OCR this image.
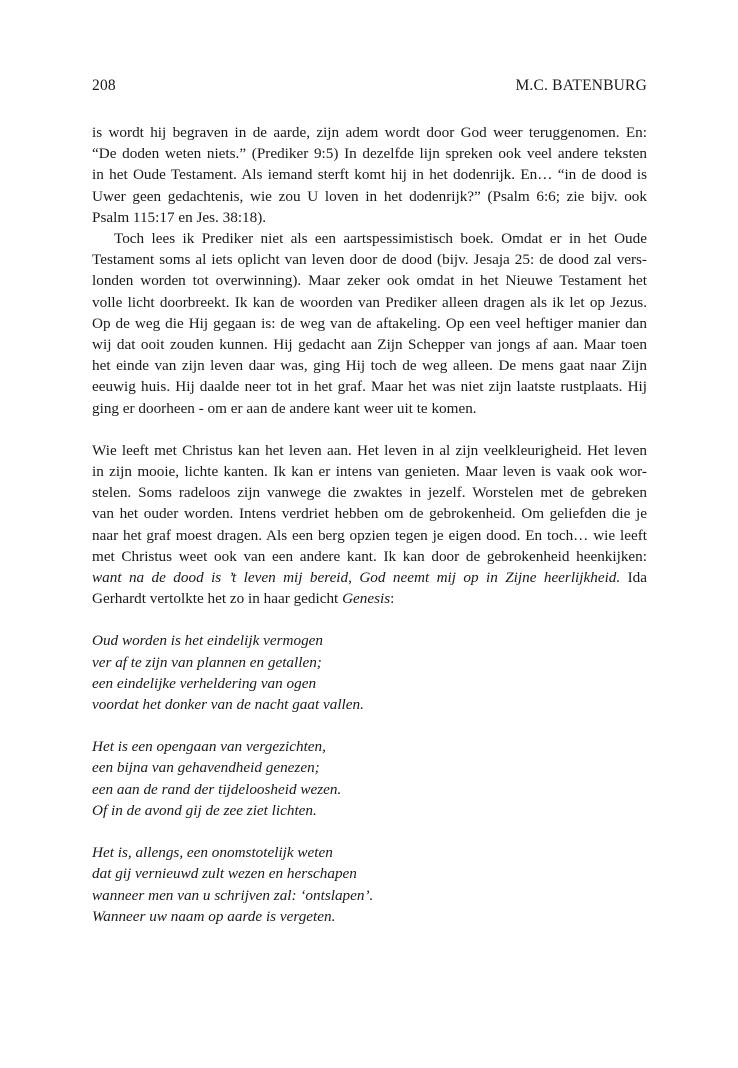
208	M.C. BATENBURG

is wordt hij begraven in de aarde, zijn adem wordt door God weer teruggenomen. En:
“De doden weten niets.” (Prediker 9:5) In dezelfde lijn spreken ook veel andere teksten
in het Oude Testament. Als iemand sterft komt hij in het dodenrijk. En… “in de dood is
Uwer geen gedachtenis, wie zou U loven in het dodenrijk?” (Psalm 6:6; zie bijv. ook
Psalm 115:17 en Jes. 38:18).

Toch lees ik Prediker niet als een aartspessimistisch boek. Omdat er in het Oude
Testament soms al iets oplicht van leven door de dood (bijv. Jesaja 25: de dood zal vers-
londen worden tot overwinning). Maar zeker ook omdat in het Nieuwe Testament het
volle licht doorbreekt. Ik kan de woorden van Prediker alleen dragen als ik let op Jezus.
Op de weg die Hij gegaan is: de weg van de aftakeling. Op een veel heftiger manier dan
wij dat ooit zouden kunnen. Hij gedacht aan Zijn Schepper van jongs af aan. Maar toen
het einde van zijn leven daar was, ging Hij toch de weg alleen. De mens gaat naar Zijn
eeuwig huis. Hij daalde neer tot in het graf. Maar het was niet zijn laatste rustplaats. Hij
ging er doorheen - om er aan de andere kant weer uit te komen.

Wie leeft met Christus kan het leven aan. Het leven in al zijn veelkleurigheid. Het leven
in zijn mooie, lichte kanten. Ik kan er intens van genieten. Maar leven is vaak ook wor-
stelen. Soms radeloos zijn vanwege die zwaktes in jezelf. Worstelen met de gebreken
van het ouder worden. Intens verdriet hebben om de gebrokenheid. Om geliefden die je
naar het graf moest dragen. Als een berg opzien tegen je eigen dood. En toch… wie leeft
met Christus weet ook van een andere kant. Ik kan door de gebrokenheid heenkijken:
want na de dood is ’t leven mij bereid, God neemt mij op in Zijne heerlijkheid. Ida
Gerhardt vertolkte het zo in haar gedicht Genesis:

Oud worden is het eindelijk vermogen
ver af te zijn van plannen en getallen;
een eindelijke verheldering van ogen
voordat het donker van de nacht gaat vallen.
Het is een opengaan van vergezichten,
een bijna van gehavendheid genezen;
een aan de rand der tijdeloosheid wezen.
Of in de avond gij de zee ziet lichten.
Het is, allengs, een onomstotelijk weten
dat gij vernieuwd zult wezen en herschapen
wanneer men van u schrijven zal: ‘ontslapen’.
Wanneer uw naam op aarde is vergeten.
